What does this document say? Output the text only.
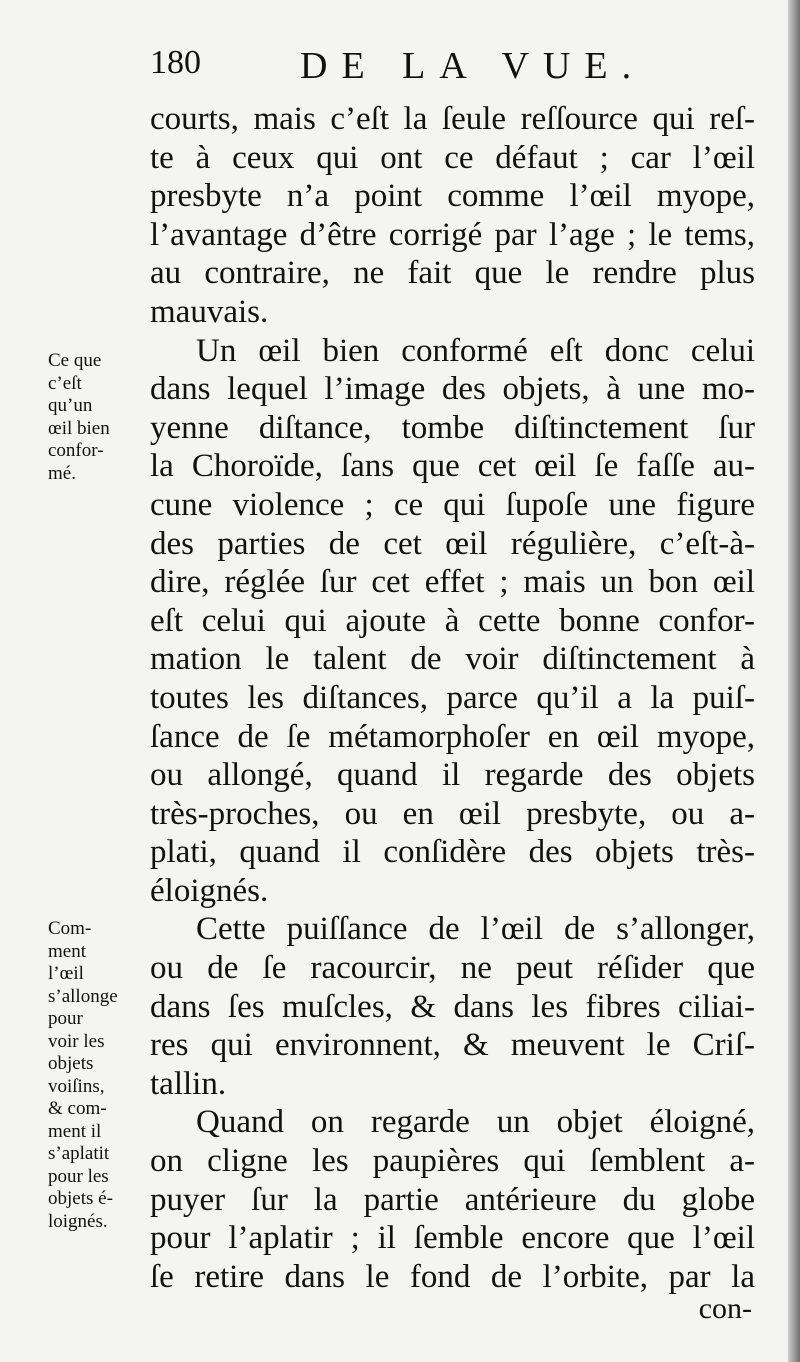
180	DE LA VUE.
Ce que
c’eſt
qu’un
œil bien
confor-
mé.
Com-
ment
l’œil
s’allonge
pour
voir les
objets
voiſins,
& com-
ment il
s’aplatit
pour les
objets é-
loignés.
courts, mais c’eſt la ſeule reſſource qui reſ-
te à ceux qui ont ce défaut ; car l’œil
presbyte n’a point comme l’œil myope,
l’avantage d’être corrigé par l’age ; le tems,
au contraire, ne fait que le rendre plus
mauvais.
Un œil bien conformé eſt donc celui
dans lequel l’image des objets, à une mo-
yenne diſtance, tombe diſtinctement ſur
la Choroïde, ſans que cet œil ſe faſſe au-
cune violence ; ce qui ſupoſe une figure
des parties de cet œil régulière, c’eſt-à-
dire, réglée ſur cet effet ; mais un bon œil
eſt celui qui ajoute à cette bonne confor-
mation le talent de voir diſtinctement à
toutes les diſtances, parce qu’il a la puiſ-
ſance de ſe métamorphoſer en œil myope,
ou allongé, quand il regarde des objets
très-proches, ou en œil presbyte, ou a-
plati, quand il conſidère des objets très-
éloignés.
Cette puiſſance de l’œil de s’allonger,
ou de ſe racourcir, ne peut réſider que
dans ſes muſcles, & dans les fibres ciliai-
res qui environnent, & meuvent le Criſ-
tallin.
Quand on regarde un objet éloigné,
on cligne les paupières qui ſemblent a-
puyer ſur la partie antérieure du globe
pour l’aplatir ; il ſemble encore que l’œil
ſe retire dans le fond de l’orbite, par la
con-
